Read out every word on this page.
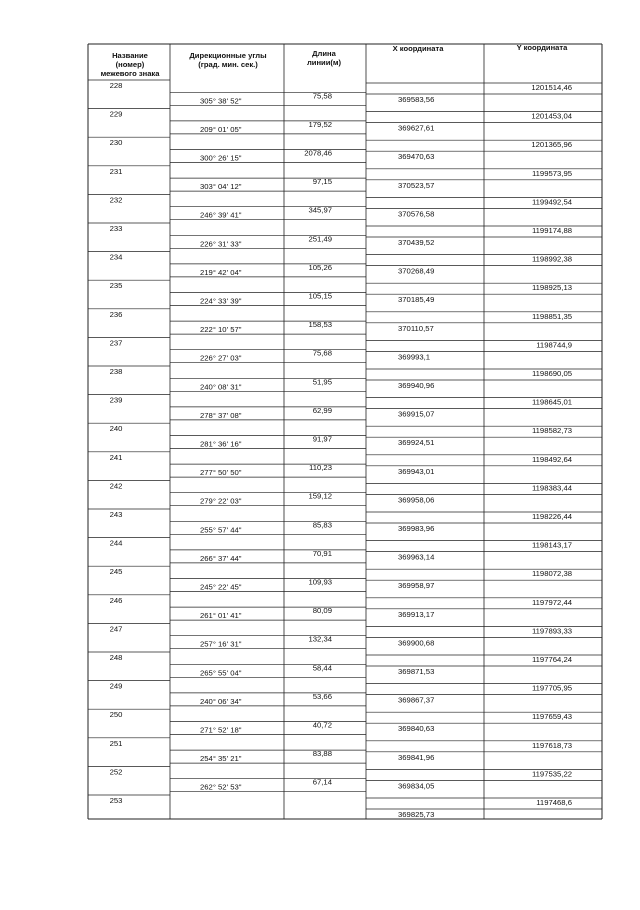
Название
(номер)
межевого знака
Дирекционные углы
(град. мин. сек.)
Длина
линии(м)
X координата	Y координата
228
369583,56
1201514,46
305° 38' 52"
75,58
229
369627,61
1201453,04
209° 01' 05"
179,52
230
369470,63
1201365,96
300° 26' 15"
2078,46
231
370523,57
1199573,95
303° 04' 12"
97,15
232
370576,58
1199492,54
246° 39' 41"
345,97
233
370439,52
1199174,88
226° 31' 33"
251,49
234
370268,49
1198992,38
219° 42' 04"
105,26
235
370185,49
1198925,13
224° 33' 39"
105,15
236
370110,57
1198851,35
222° 10' 57"
158,53
237
369993,1
1198744,9
226° 27' 03"
75,68
238
369940,96
1198690,05
240° 08' 31"
51,95
239
369915,07
1198645,01
278° 37' 08"
62,99
240
369924,51
1198582,73
281° 36' 16"
91,97
241
369943,01
1198492,64
277° 50' 50"
110,23
242
369958,06
1198383,44
279° 22' 03"
159,12
243
369983,96
1198226,44
255° 57' 44"
85,83
244
369963,14
1198143,17
266° 37' 44"
70,91
245
369958,97
1198072,38
245° 22' 45"
109,93
246
369913,17
1197972,44
261° 01' 41"
80,09
247
369900,68
1197893,33
257° 16' 31"
132,34
248
369871,53
1197764,24
265° 55' 04"
58,44
249
369867,37
1197705,95
240° 06' 34"
53,66
250
369840,63
1197659,43
271° 52' 18"
40,72
251
369841,96
1197618,73
254° 35' 21"
83,88
252
369834,05
1197535,22
262° 52' 53"
67,14
253
369825,73
1197468,6
